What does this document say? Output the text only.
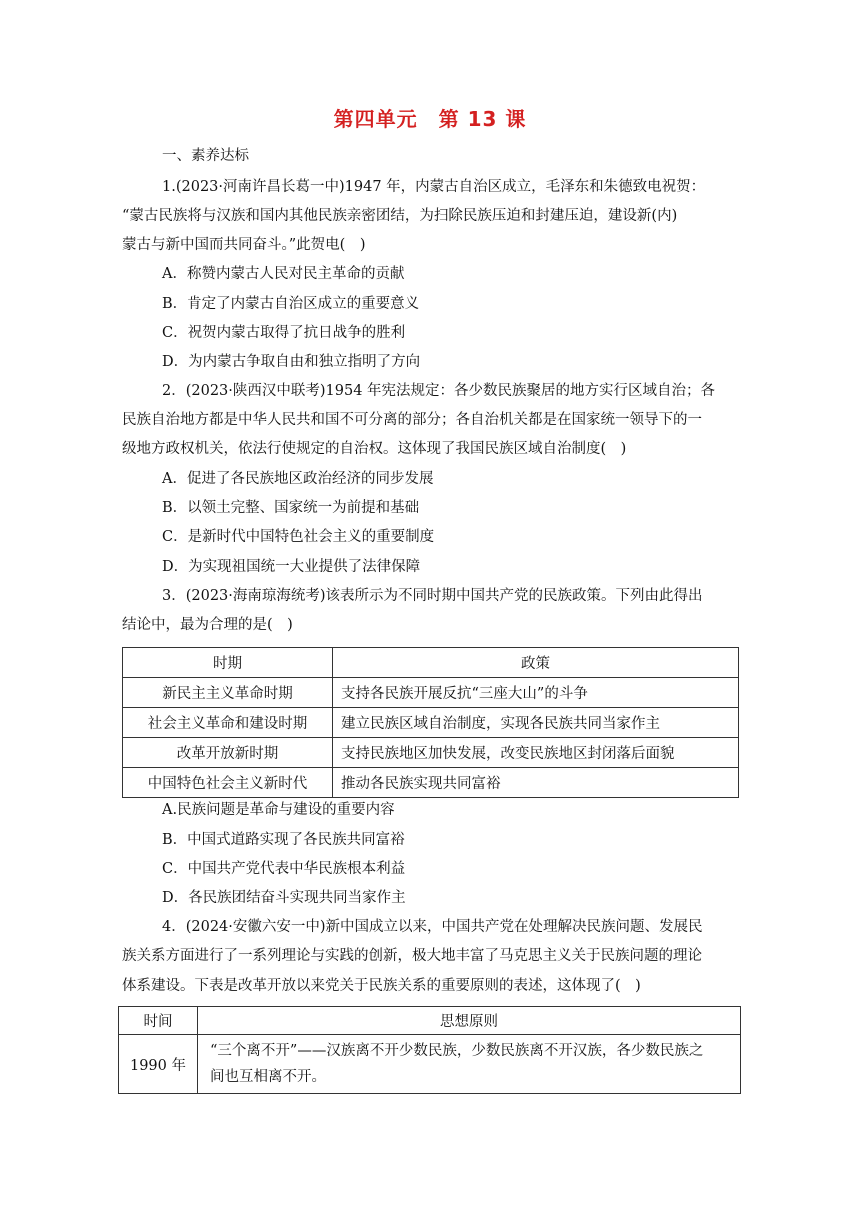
第四单元　第 13 课
一、素养达标
1.(2023·河南许昌长葛一中)1947 年，内蒙古自治区成立，毛泽东和朱德致电祝贺：
“蒙古民族将与汉族和国内其他民族亲密团结，为扫除民族压迫和封建压迫，建设新(内)
蒙古与新中国而共同奋斗。”此贺电(　)
A．称赞内蒙古人民对民主革命的贡献
B．肯定了内蒙古自治区成立的重要意义
C．祝贺内蒙古取得了抗日战争的胜利
D．为内蒙古争取自由和独立指明了方向
2．(2023·陕西汉中联考)1954 年宪法规定：各少数民族聚居的地方实行区域自治；各
民族自治地方都是中华人民共和国不可分离的部分；各自治机关都是在国家统一领导下的一
级地方政权机关，依法行使规定的自治权。这体现了我国民族区域自治制度(　)
A．促进了各民族地区政治经济的同步发展
B．以领土完整、国家统一为前提和基础
C．是新时代中国特色社会主义的重要制度
D．为实现祖国统一大业提供了法律保障
3．(2023·海南琼海统考)该表所示为不同时期中国共产党的民族政策。下列由此得出
结论中，最为合理的是(　)
时期	政策
新民主主义革命时期	支持各民族开展反抗“三座大山”的斗争
社会主义革命和建设时期	建立民族区域自治制度，实现各民族共同当家作主
改革开放新时期	支持民族地区加快发展，改变民族地区封闭落后面貌
中国特色社会主义新时代	推动各民族实现共同富裕
A.民族问题是革命与建设的重要内容
B．中国式道路实现了各民族共同富裕
C．中国共产党代表中华民族根本利益
D．各民族团结奋斗实现共同当家作主
4．(2024·安徽六安一中)新中国成立以来，中国共产党在处理解决民族问题、发展民
族关系方面进行了一系列理论与实践的创新，极大地丰富了马克思主义关于民族问题的理论
体系建设。下表是改革开放以来党关于民族关系的重要原则的表述，这体现了(　)
时间	思想原则
1990 年	“三个离不开”——汉族离不开少数民族，少数民族离不开汉族，各少数民族之
间也互相离不开。
